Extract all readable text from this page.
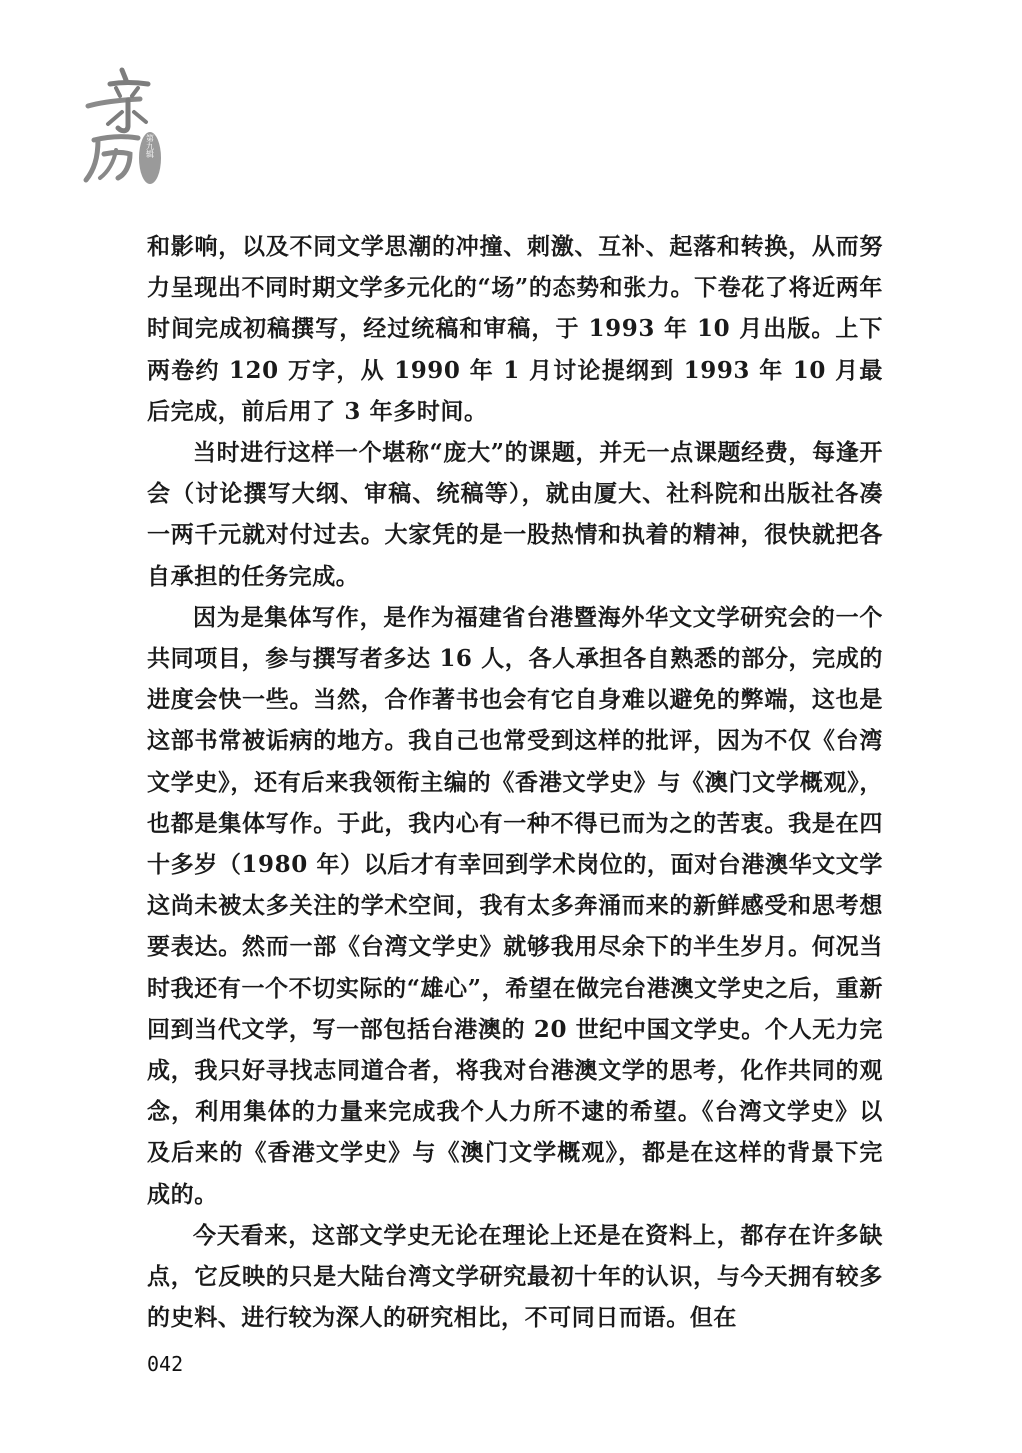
第九辑

和影响，以及不同文学思潮的冲撞、刺激、互补、起落和转换，从而努力呈现出不同时期文学多元化的“场”的态势和张力。下卷花了将近两年时间完成初稿撰写，经过统稿和审稿，于 1993 年 10 月出版。上下两卷约 120 万字，从 1990 年 1 月讨论提纲到 1993 年 10 月最后完成，前后用了 3 年多时间。

当时进行这样一个堪称“庞大”的课题，并无一点课题经费，每逢开会（讨论撰写大纲、审稿、统稿等），就由厦大、社科院和出版社各凑一两千元就对付过去。大家凭的是一股热情和执着的精神，很快就把各自承担的任务完成。

因为是集体写作，是作为福建省台港暨海外华文文学研究会的一个共同项目，参与撰写者多达 16 人，各人承担各自熟悉的部分，完成的进度会快一些。当然，合作著书也会有它自身难以避免的弊端，这也是这部书常被诟病的地方。我自己也常受到这样的批评，因为不仅《台湾文学史》，还有后来我领衔主编的《香港文学史》与《澳门文学概观》，也都是集体写作。于此，我内心有一种不得已而为之的苦衷。我是在四十多岁（1980 年）以后才有幸回到学术岗位的，面对台港澳华文文学这尚未被太多关注的学术空间，我有太多奔涌而来的新鲜感受和思考想要表达。然而一部《台湾文学史》就够我用尽余下的半生岁月。何况当时我还有一个不切实际的“雄心”，希望在做完台港澳文学史之后，重新回到当代文学，写一部包括台港澳的 20 世纪中国文学史。个人无力完成，我只好寻找志同道合者，将我对台港澳文学的思考，化作共同的观念，利用集体的力量来完成我个人力所不逮的希望。《台湾文学史》以及后来的《香港文学史》与《澳门文学概观》，都是在这样的背景下完成的。

今天看来，这部文学史无论在理论上还是在资料上，都存在许多缺点，它反映的只是大陆台湾文学研究最初十年的认识，与今天拥有较多的史料、进行较为深人的研究相比，不可同日而语。但在

042
